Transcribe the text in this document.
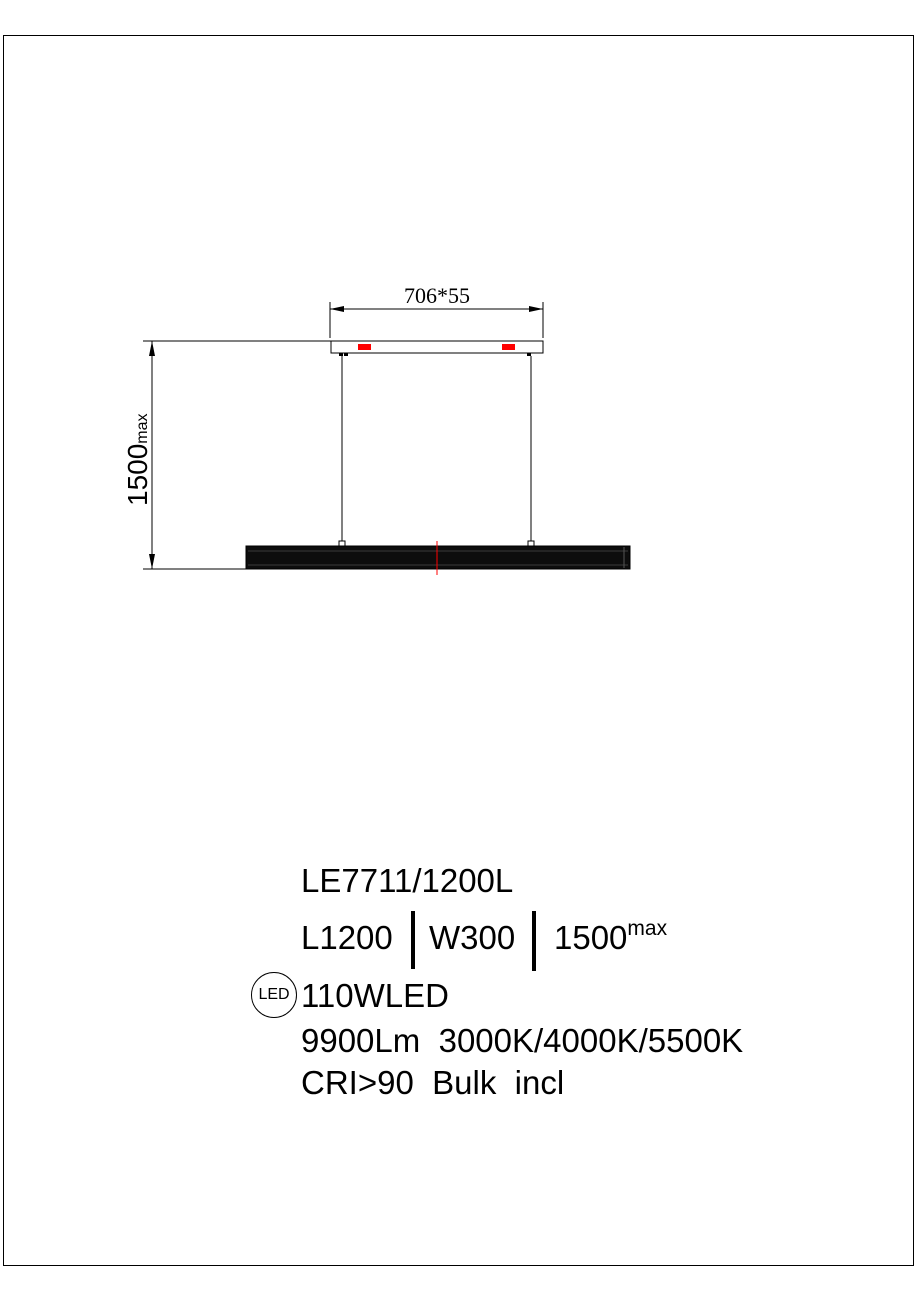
706*55
1500max
LE7711/1200L
L1200 W300 $1500^{max}$
LED 110WLED
9900Lm  3000K/4000K/5500K
CRI>90  Bulk  incl
